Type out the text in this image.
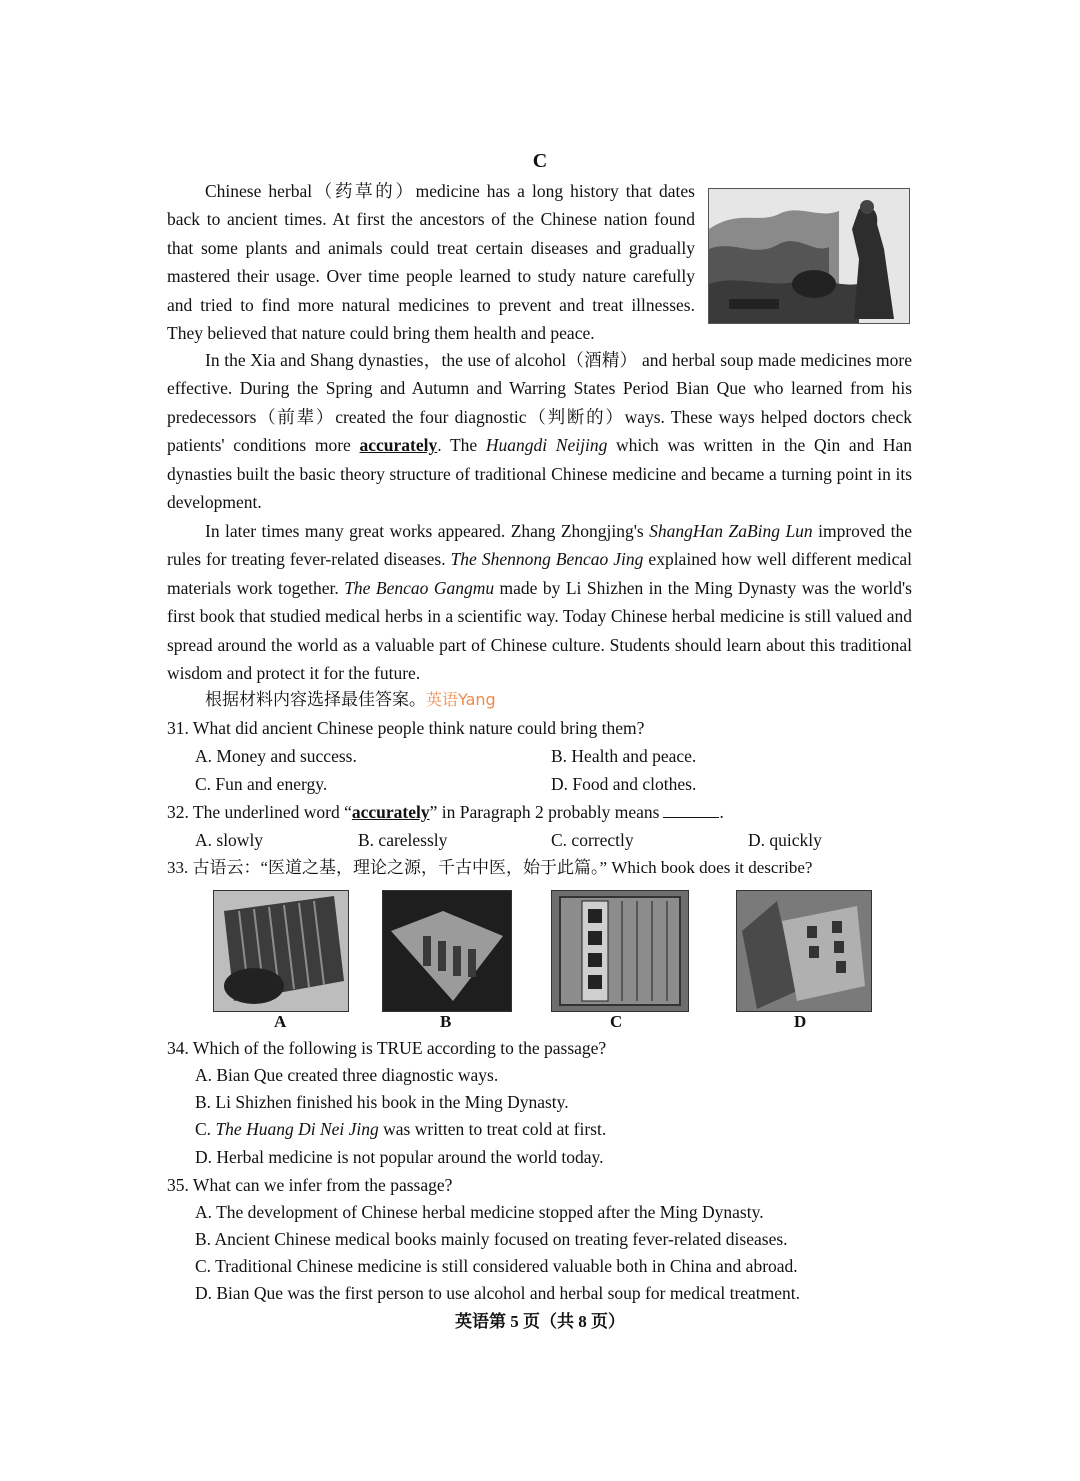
C

Chinese herbal（药草的）medicine has a long history that dates back to ancient times. At first the ancestors of the Chinese nation found that some plants and animals could treat certain diseases and gradually mastered their usage. Over time people learned to study nature carefully and tried to find more natural medicines to prevent and treat illnesses. They believed that nature could bring them health and peace.

In the Xia and Shang dynasties，the use of alcohol（酒精） and herbal soup made medicines more effective. During the Spring and Autumn and Warring States Period Bian Que who learned from his predecessors（前辈）created the four diagnostic（判断的）ways. These ways helped doctors check patients' conditions more accurately. The Huangdi Neijing which was written in the Qin and Han dynasties built the basic theory structure of traditional Chinese medicine and became a turning point in its development.

In later times many great works appeared. Zhang Zhongjing's ShangHan ZaBing Lun improved the rules for treating fever-related diseases. The Shennong Bencao Jing explained how well different medical materials work together. The Bencao Gangmu made by Li Shizhen in the Ming Dynasty was the world's first book that studied medical herbs in a scientific way. Today Chinese herbal medicine is still valued and spread around the world as a valuable part of Chinese culture. Students should learn about this traditional wisdom and protect it for the future.

根据材料内容选择最佳答案。英语Yang
31. What did ancient Chinese people think nature could bring them?
A. Money and success.	B. Health and peace.
C. Fun and energy.	D. Food and clothes.
32. The underlined word “accurately” in Paragraph 2 probably means	.
A. slowly	B. carelessly	C. correctly	D. quickly
33. 古语云：“医道之基，理论之源，千古中医，始于此篇。” Which book does it describe?
A	B	C	D
34. Which of the following is TRUE according to the passage?
A. Bian Que created three diagnostic ways.
B. Li Shizhen finished his book in the Ming Dynasty.
C. The Huang Di Nei Jing was written to treat cold at first.
D. Herbal medicine is not popular around the world today.
35. What can we infer from the passage?
A. The development of Chinese herbal medicine stopped after the Ming Dynasty.
B. Ancient Chinese medical books mainly focused on treating fever-related diseases.
C. Traditional Chinese medicine is still considered valuable both in China and abroad.
D. Bian Que was the first person to use alcohol and herbal soup for medical treatment.
英语第 5 页（共 8 页）
